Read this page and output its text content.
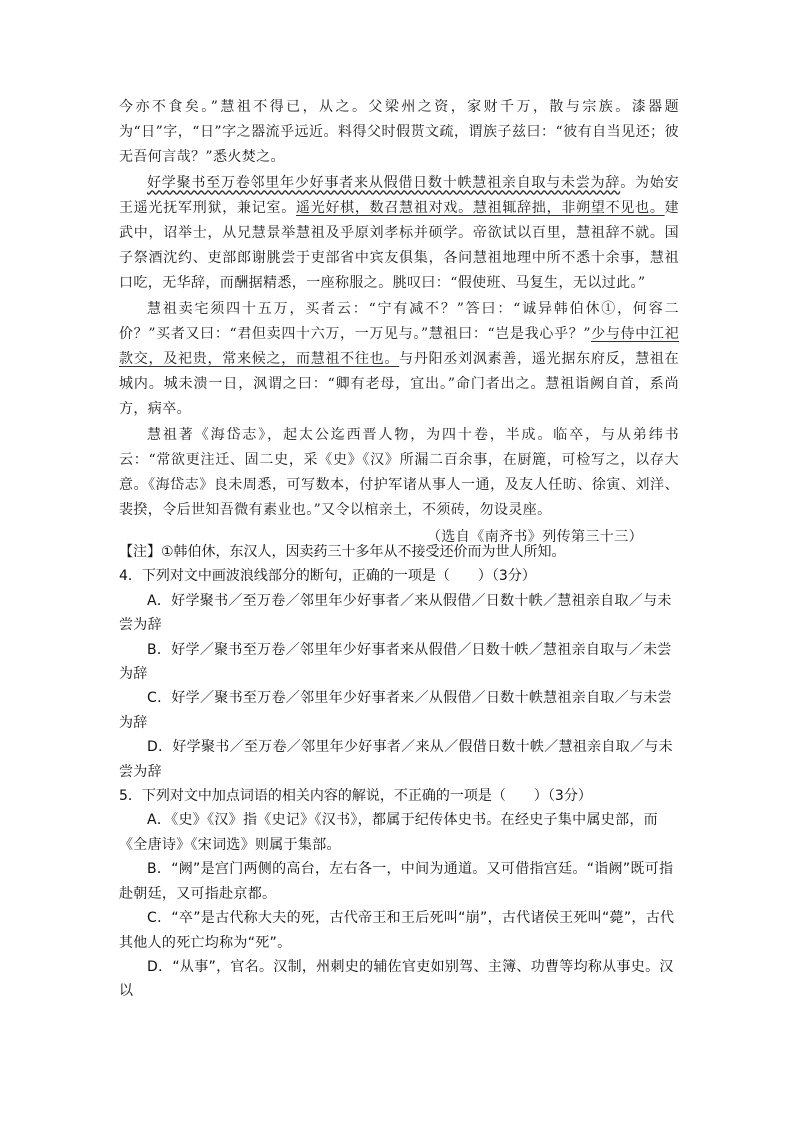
今亦不食矣。”慧祖不得已，从之。父梁州之资，家财千万，散与宗族。漆器题为“日”字，“日”字之器流乎远近。料得父时假贳文疏，谓族子兹曰：“彼有自当见还；彼无吾何言哉？”悉火焚之。

好学聚书至万卷邻里年少好事者来从假借日数十帙慧祖亲自取与未尝为辞。为始安王遥光抚军刑狱，兼记室。遥光好棋，数召慧祖对戏。慧祖辄辞拙，非朔望不见也。建武中，诏举士，从兄慧景举慧祖及乎原刘孝标并硕学。帝欲试以百里，慧祖辞不就。国子祭酒沈约、吏部郎谢朓尝于吏部省中宾友俱集，各问慧祖地理中所不悉十余事，慧祖口吃，无华辞，而酬据精悉，一座称服之。朓叹曰：“假使班、马复生，无以过此。”

慧祖卖宅须四十五万，买者云：“宁有减不？”答曰：“诚异韩伯休①，何容二价？”买者又曰：“君但卖四十六万，一万见与。”慧祖曰：“岂是我心乎？”少与侍中江祀款交，及祀贵，常来候之，而慧祖不往也。与丹阳丞刘沨素善，遥光据东府反，慧祖在城内。城未溃一日，沨谓之曰：“卿有老母，宜出。”命门者出之。慧祖诣阙自首，系尚方，病卒。

慧祖著《海岱志》，起太公迄西晋人物，为四十卷，半成。临卒，与从弟纬书云：“常欲更注迁、固二史，采《史》《汉》所漏二百余事，在厨簏，可检写之，以存大意。《海岱志》良未周悉，可写数本，付护军诸从事人一通，及友人任昉、徐寅、刘洋、裴揆，令后世知吾微有素业也。”又令以棺亲土，不须砖，勿设灵座。

（选自《南齐书》列传第三十三）

【注】①韩伯休，东汉人，因卖药三十多年从不接受还价而为世人所知。

4．下列对文中画波浪线部分的断句，正确的一项是（　　）（3分）

A．好学聚书／至万卷／邻里年少好事者／来从假借／日数十帙／慧祖亲自取／与未尝为辞

B．好学／聚书至万卷／邻里年少好事者来从假借／日数十帙／慧祖亲自取与／未尝为辞

C．好学／聚书至万卷／邻里年少好事者来／从假借／日数十帙慧祖亲自取／与未尝为辞

D．好学聚书／至万卷／邻里年少好事者／来从／假借日数十帙／慧祖亲自取／与未尝为辞

5．下列对文中加点词语的相关内容的解说，不正确的一项是（　　）（3分）

A．《史》《汉》指《史记》《汉书》，都属于纪传体史书。在经史子集中属史部，而《全唐诗》《宋词选》则属于集部。

B．“阙”是宫门两侧的高台，左右各一，中间为通道。又可借指宫廷。“诣阙”既可指赴朝廷，又可指赴京都。

C．“卒”是古代称大夫的死，古代帝王和王后死叫“崩”，古代诸侯王死叫“薨”，古代其他人的死亡均称为“死”。

D．“从事”，官名。汉制，州刺史的辅佐官吏如别驾、主簿、功曹等均称从事史。汉以
